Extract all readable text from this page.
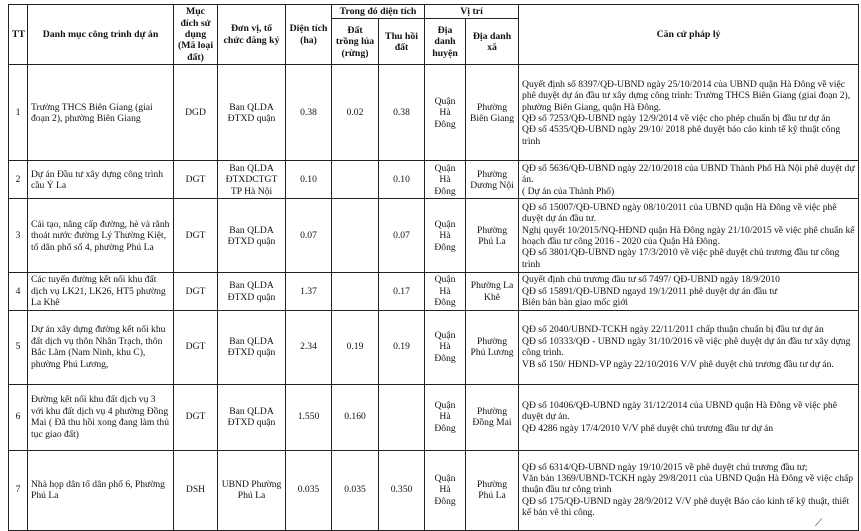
TT	Danh mục công trình dự án	Mục đích sử dụng (Mã loại đất)	Đơn vị, tổ chức đăng ký	Diện tích (ha)	Trong đó diện tích		Vị trí		Căn cứ pháp lý
					Đất trồng lúa (rừng)	Thu hồi đất	Địa danh huyện	Địa danh xã	
1	Trường THCS Biên Giang (giai đoạn 2), phường Biên Giang	DGD	Ban QLDA ĐTXD quận	0.38	0.02	0.38	Quận Hà Đông	Phường Biên Giang	Quyết định số 8397/QĐ-UBND ngày 25/10/2014 của UBND quận Hà Đông về việc phê duyệt dự án đầu tư xây dựng công trình: Trường THCS Biên Giang (giai đoạn 2), phường Biên Giang, quận Hà Đông.
QĐ số 7253/QĐ-UBND ngày 12/9/2014 về việc cho phép chuẩn bị đầu tư dự án
QĐ số 4535/QĐ-UBND ngày 29/10/ 2018 phê duyệt báo cáo kinh tế kỹ thuật công trình

2	Dự án Đầu tư xây dựng công trình cầu Ỷ La	DGT	Ban QLDA ĐTXDCTGT TP Hà Nội	0.10		0.10	Quận Hà Đông	Phường Dương Nội	QĐ số 5636/QĐ-UBND ngày 22/10/2018 của UBND Thành Phố Hà Nội phê duyệt dự án.
( Dự án của Thành Phố)

3	Cải tạo, nâng cấp đường, hè và rãnh thoát nước đường Lý Thường Kiệt, tổ dân phố số 4, phường Phú La	DGT	Ban QLDA ĐTXD quận	0.07		0.07	Quận Hà Đông	Phường Phú La	QĐ số 15007/QĐ-UBND ngày 08/10/2011 của UBND quận Hà Đông về việc phê duyệt dự án đầu tư.
Nghị quyết 10/2015/NQ-HĐND quận Hà Đông ngày 21/10/2015 về việc phê chuẩn kế hoạch đầu tư công 2016 - 2020 của Quận Hà Đông.
QĐ số 3801/QĐ-UBND ngày 17/3/2010 về việc phê duyệt chủ trương đầu tư công trình

4	Các tuyến đường kết nối khu đất dịch vụ LK21, LK26, HT5 phường La Khê	DGT	Ban QLDA ĐTXD quận	1.37		0.17	Quận Hà Đông	Phường La Khê	Quyết định chủ trương đầu tư số 7497/ QĐ-UBND ngày 18/9/2010
QĐ số 15891/QĐ-UBND ngayd 19/1/2011 phê duyệt dự án đầu tư
Biên bản bàn giao mốc giới

5	Dự án xây dựng đường kết nối khu đất dịch vụ thôn Nhân Trạch, thôn Bắc Lãm (Nam Ninh, khu C), phường Phú Lương,	DGT	Ban QLDA ĐTXD quận	2.34	0.19	0.19	Quận Hà Đông	Phường Phú Lương	QĐ số 2040/UBND-TCKH ngày 22/11/2011 chấp thuận chuẩn bị đầu tư dự án
QĐ số 10333/QĐ - UBND ngày 31/10/2016 về việc phê duyệt dự án đầu tư xây dựng công trình.
VB số 150/ HĐND-VP ngày 22/10/2016 V/V phê duyệt chủ trương đầu tư dự án.

6	Đường kết nối khu đất dịch vụ 3 với khu đất dịch vụ 4 phường Đồng Mai ( Đã thu hồi xong đang làm thủ tục giao đất)	DGT	Ban QLDA ĐTXD quận	1.550	0.160		Quận Hà Đông	Phường Đồng Mai	QĐ số 10406/QĐ-UBND ngày 31/12/2014 của UBND quận Hà Đông về việc phê duyệt dự án.
QĐ 4286 ngày 17/4/2010 V/V phê duyệt chủ trương đầu tư dự án

7	Nhà họp dân tổ dân phố 6, Phường Phú La	DSH	UBND Phường Phú La	0.035	0.035	0.350	Quận Hà Đông	Phường Phú La	QĐ số 6314/QĐ-UBND ngày 19/10/2015 về phê duyệt chủ trương đầu tư;
Văn bản 1369/UBND-TCKH ngày 29/8/2011 của UBND Quận Hà Đông về việc chấp thuận đầu tư công trình
QĐ số 175/QĐ-UBND ngày 28/9/2012 V/V phê duyệt Báo cáo kinh tế kỹ thuật, thiết kế bản vẽ thi công.
⟋
